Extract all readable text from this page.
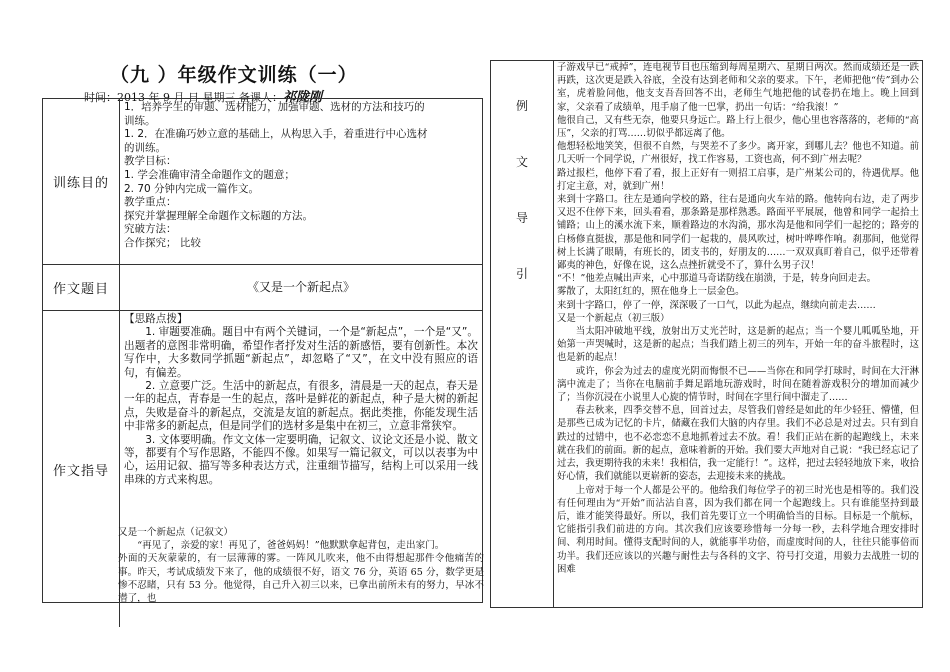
（九 ）年级作文训练（一）
时间：2013 年 9 月 日 星期三 备课人：祁陇刚
训练目的
1．培养学生的审题、选材能力，加强审题、选材的方法和技巧的
训练。
1. 2．在准确巧妙立意的基础上，从构思入手，着重进行中心选材
的训练。
教学目标：
1. 学会准确审清全命题作文的题意；
2. 70 分钟内完成一篇作文。
教学重点：
探究并掌握理解全命题作文标题的方法。
究破方法：
合作探究； 比较
作文题目	《又是一个新起点》
作文指导

【思路点拨】

1. 审题要准确。题目中有两个关键词，一个是“新起点”，一个是“又”。出题者的意图非常明确，希望作者抒发对生活的新感悟，要有创新性。本次写作中，大多数同学抓题“新起点”，却忽略了“又”，在文中没有照应的语句，有偏差。

2. 立意要广泛。生活中的新起点，有很多，清晨是一天的起点，春天是一年的起点，青春是一生的起点，落叶是鲜花的新起点，种子是大树的新起点，失败是奋斗的新起点，交流是友谊的新起点。据此类推，你能发现生活中非常多的新起点，但是同学们的选材多是集中在初三，立意非常狭窄。

3. 文体要明确。作文文体一定要明确，记叙文、议论文还是小说、散文等，都要有个写作思路，不能四不像。如果写一篇记叙文，可以以表事为中心，运用记叙、描写等多种表达方式，注重细节描写，结构上可以采用一线串珠的方式来构思。

又是一个新起点（记叙文）

“再见了，亲爱的家！再见了，爸爸妈妈！”他默默拿起背包，走出家门。

外面的天灰蒙蒙的，有一层薄薄的雾。一阵风儿吹来，他不由得想起那件令他痛苦的事。昨天，考试成绩发下来了，他的成绩很不好，语文 76 分，英语 65 分，数学更是惨不忍睹，只有 53 分。他觉得，自己升入初三以来，已拿出前所未有的努力，早冰不潜了，也

例
文
导
引

子游戏早已“戒掉”，连电视节目也压缩到每周星期六、星期日两次。然而成绩还是一跌再跌，这次更是跌入谷底，全没有达到老师和父亲的要求。下午，老师把他“传”到办公室，虎着脸问他，他支支吾吾回答不出，老师生气地把他的试卷扔在地上。晚上回到家，父亲看了成绩单，甩手扇了他一巴掌，扔出一句话：“给我滚！”

他很自己，又有些无奈，他要只身远亡。路上行上很少，他心里也容落落的，老师的“高压”，父亲的打骂……切似乎都远离了他。

他想轻松地笑笑，但很不自然，与哭差不了多少。离开家，到哪儿去？他也不知道。前几天听一个同学说，广州很好，找工作容易，工资也高，何不到广州去呢？

路过报栏，他停下看了看，报上正好有一则招工启事，是广州某公司的，待遇优厚。他打定主意，对，就到广州！

来到十字路口。往左是通向学校的路，往右是通向火车站的路。他转向右边，走了两步又迟不住停下来，回头看看，那条路是那样熟悉。路面平平展展，他曾和同学一起拾土铺路；山上的溪水流下来，顺着路边的水沟淌，那水沟是他和同学们一起挖的；路旁的白杨修直挺拔，那是他和同学们一起栽的，晨风吹过，树叶哗哗作响。刹那间，他觉得树上长满了眼睛，有班长的，团支书的，好朋友的……一双双真盯着自己，似乎还带着鄙夷的神色，好像在说，这么点挫折就受不了，算什么男子汉！

“不！”他差点喊出声来，心中那道马奇诺防线在崩溃，于是，转身向回走去。

雾散了，太阳红红的，照在他身上一层金色。

来到十字路口，停了一停，深深吸了一口气，以此为起点，继续向前走去……

又是一个新起点（初三版）

当太阳冲破地平线，放射出万丈光芒时，这是新的起点；当一个婴儿呱呱坠地，开始第一声哭喊时，这是新的起点；当我们踏上初三的列车，开始一年的奋斗旅程时，这也是新的起点！

或许，你会为过去的虚度光阴而悔恨不已——当你在和同学打球时，时间在大汗淋漓中流走了；当你在电脑前手舞足蹈地玩游戏时，时间在随着游戏积分的增加而减少了；当你沉浸在小说里人心旋的情节时，时间在字里行间中溜走了……

春去秋来，四季交替不息，回首过去，尽管我们曾经是如此的年少轻狂、懵懂，但是那些已成为记忆的卡片，储藏在我们大脑的内存里。我们不必总是对过去。只有到自跌过的过错中，也不必恋恋不息地抓着过去不放。看！我们正站在新的起跑线上，未来就在我们的前面。新的起点，意味着新的开始。我们要大声地对自己说：“我已经忘记了过去，我更期待我的未来！我相信，我一定能行！”。这样，把过去轻轻地放下来，收拾好心情，我们就能以更崭新的姿态，去迎接未来的挑战。

上帝对于每一个人都是公平的。他给我们每位学子的初三时光也是相等的。我们没有任何理由为“开始”而沾沾自喜，因为我们都在同一个起跑线上。只有谁能坚持到最后，谁才能笑得最好。所以，我们首先要订立一个明确恰当的目标。目标是一个航标，它能指引我们前进的方向。其次我们应该要珍惜每一分每一秒，去科学地合理安排时间、利用时间。懂得支配时间的人，就能事半功倍，而虚度时间的人，往往只能事倍而功半。我们还应该以的兴趣与耐性去与各科的文字、符号打交道，用毅力去战胜一切的困难
